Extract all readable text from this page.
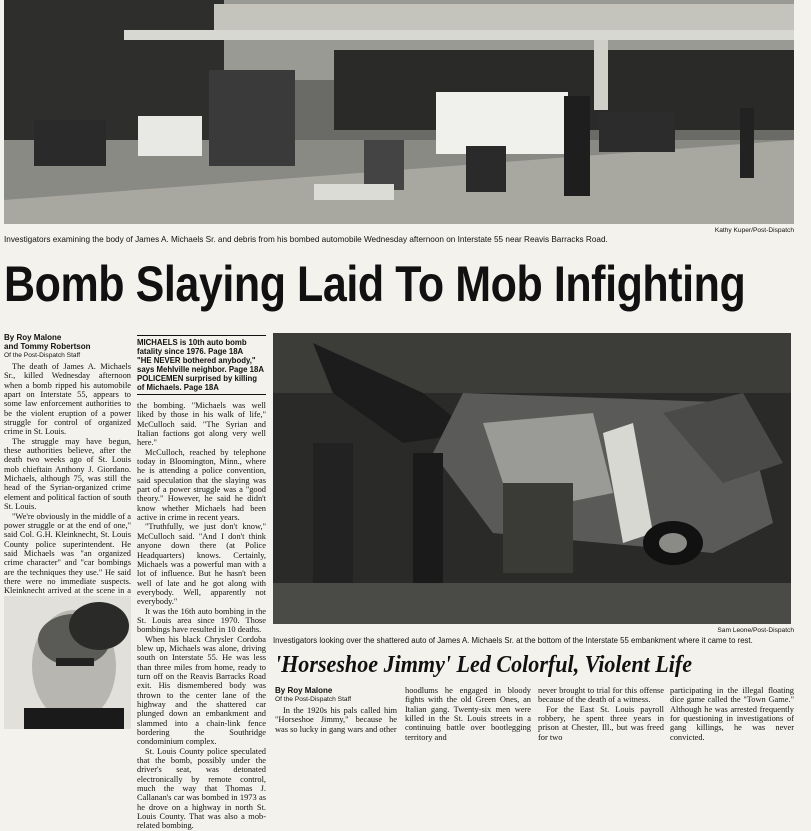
Investigators examining the body of James A. Michaels Sr. and debris from his bombed automobile Wednesday afternoon on Interstate 55 near Reavis Barracks Road.
Kathy Kuper/Post-Dispatch
Bomb Slaying Laid To Mob Infighting
By Roy Malone
and Tommy Robertson
Of the Post-Dispatch Staff

The death of James A. Michaels Sr., killed Wednesday afternoon when a bomb ripped his automobile apart on Interstate 55, appears to some law enforcement authorities to be the violent eruption of a power struggle for control of organized crime in St. Louis.

The struggle may have begun, these authorities believe, after the death two weeks ago of St. Louis mob chieftain Anthony J. Giordano. Michaels, although 75, was still the head of the Syrian-organized crime element and political faction of south St. Louis.

"We're obviously in the middle of a power struggle or at the end of one," said Col. G.H. Kleinknecht, St. Louis County police superintendent. He said Michaels was "an organized crime character" and "car bombings are the techniques they use." He said there were no immediate suspects. Kleinknecht arrived at the scene in a

MICHAELS is 10th auto bomb fatality since 1976. Page 18A
"HE NEVER bothered anybody," says Mehlville neighbor. Page 18A
POLICEMEN surprised by killing of Michaels. Page 18A

the bombing. "Michaels was well liked by those in his walk of life," McCulloch said. "The Syrian and Italian factions got along very well here."

McCulloch, reached by telephone today in Bloomington, Minn., where he is attending a police convention, said speculation that the slaying was part of a power struggle was a "good theory." However, he said he didn't know whether Michaels had been active in crime in recent years.

"Truthfully, we just don't know," McCulloch said. "And I don't think anyone down there (at Police Headquarters) knows. Certainly, Michaels was a powerful man with a lot of influence. But he hasn't been well of late and he got along with everybody. Well, apparently not everybody."

It was the 16th auto bombing in the St. Louis area since 1970. Those bombings have resulted in 10 deaths.

When his black Chrysler Cordoba blew up, Michaels was alone, driving south on Interstate 55. He was less than three miles from home, ready to turn off on the Reavis Barracks Road exit. His dismembered body was thrown to the center lane of the highway and the shattered car plunged down an embankment and slammed into a chain-link fence bordering the Southridge condominium complex.

St. Louis County police speculated that the bomb, possibly under the driver's seat, was detonated electronically by remote control, much the way that Thomas J. Callanan's car was bombed in 1973 as he drove on a highway in north St. Louis County. That was also a mob-related bombing.

Sam Leone/Post-Dispatch
Investigators looking over the shattered auto of James A. Michaels Sr. at the bottom of the Interstate 55 embankment where it came to rest.
'Horseshoe Jimmy' Led Colorful, Violent Life
By Roy Malone
Of the Post-Dispatch Staff

In the 1920s his pals called him "Horseshoe Jimmy," because he was so lucky in gang wars and other

hoodlums he engaged in bloody fights with the old Green Ones, an Italian gang. Twenty-six men were killed in the St. Louis streets in a continuing battle over bootlegging territory and

never brought to trial for this offense because of the death of a witness.

For the East St. Louis payroll robbery, he spent three years in prison at Chester, Ill., but was freed for two

participating in the illegal floating dice game called the "Town Game." Although he was arrested frequently for questioning in investigations of gang killings, he was never convicted.
